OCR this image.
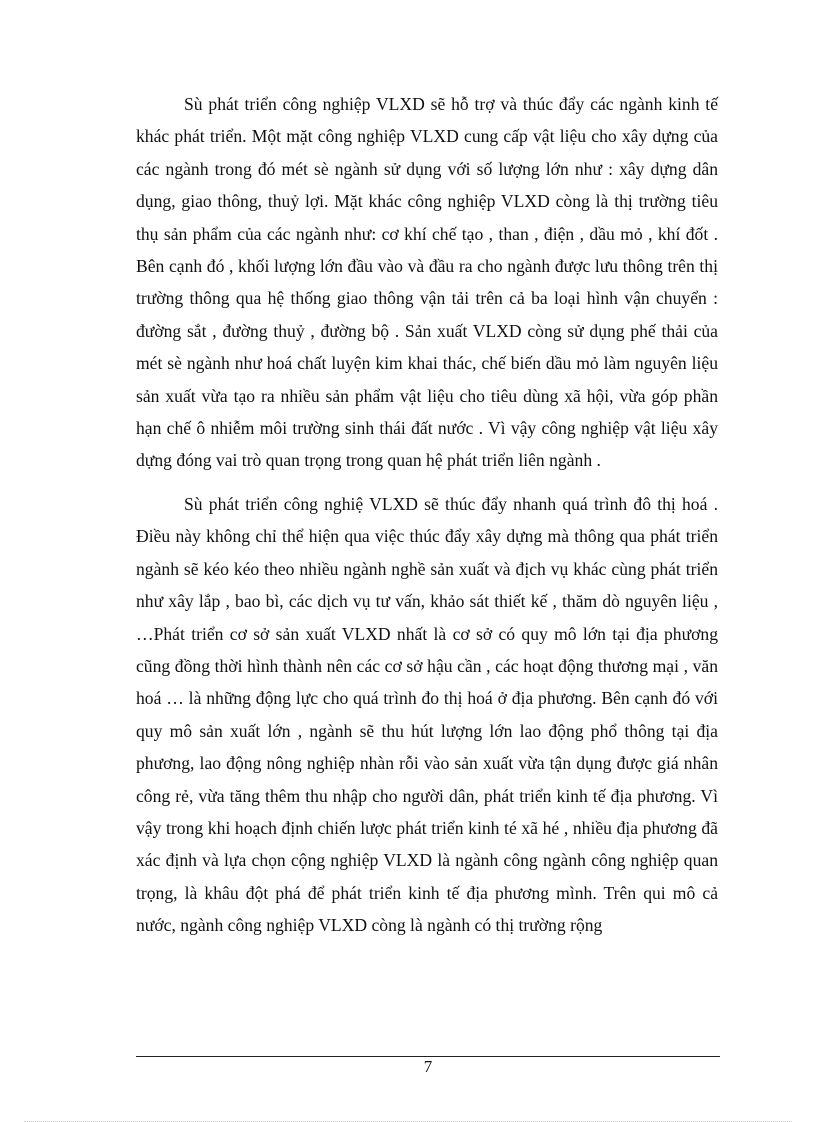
Sù phát triển công nghiệp VLXD sẽ hỗ trợ và thúc đẩy các ngành kinh tế khác phát triển. Một mặt công nghiệp VLXD cung cấp vật liệu cho xây dựng của các ngành trong đó mét sè ngành sử dụng với số lượng lớn như : xây dựng dân dụng, giao thông, thuỷ lợi. Mặt khác công nghiệp VLXD còng là thị trường tiêu thụ sản phẩm của các ngành như: cơ khí chế tạo , than , điện , dầu mỏ , khí đốt . Bên cạnh đó , khối lượng lớn đầu vào và đầu ra cho ngành được lưu thông trên thị trường thông qua hệ thống giao thông vận tải trên cả ba loại hình vận chuyển : đường sắt , đường thuỷ , đường bộ . Sản xuất VLXD còng sử dụng phế thải của mét sè ngành như hoá chất luyện kim khai thác, chế biến dầu mỏ làm nguyên liệu sản xuất vừa tạo ra nhiều sản phẩm vật liệu cho tiêu dùng xã hội, vừa góp phần hạn chế ô nhiễm môi trường sinh thái đất nước . Vì vậy công nghiệp vật liệu xây dựng đóng vai trò quan trọng trong quan hệ phát triển liên ngành .

Sù phát triển công nghiệ VLXD sẽ thúc đẩy nhanh quá trình đô thị hoá . Điều này không chỉ thể hiện qua việc thúc đẩy xây dựng mà thông qua phát triển ngành sẽ kéo kéo theo nhiều ngành nghề sản xuất và địch vụ khác cùng phát triển như xây lắp , bao bì, các dịch vụ tư vấn, khảo sát thiết kế , thăm dò nguyên liệu , …Phát triển cơ sở sản xuất VLXD nhất là cơ sở có quy mô lớn tại địa phương cũng đồng thời hình thành nên các cơ sở hậu cần , các hoạt động thương mại , văn hoá … là những động lực cho quá trình đo thị hoá ở địa phương. Bên cạnh đó với quy mô sản xuất lớn , ngành sẽ thu hút lượng lớn lao động phổ thông tại địa phương, lao động nông nghiệp nhàn rỗi vào sản xuất vừa tận dụng được giá nhân công rẻ, vừa tăng thêm thu nhập cho người dân, phát triển kinh tế địa phương. Vì vậy trong khi hoạch định chiến lược phát triển kinh té xã hé , nhiều địa phương đã xác định và lựa chọn cộng nghiệp VLXD là ngành công ngành công nghiệp quan trọng, là khâu đột phá để phát triển kinh tế địa phương mình. Trên qui mô cả nước, ngành công nghiệp VLXD còng là ngành có thị trường rộng

7
